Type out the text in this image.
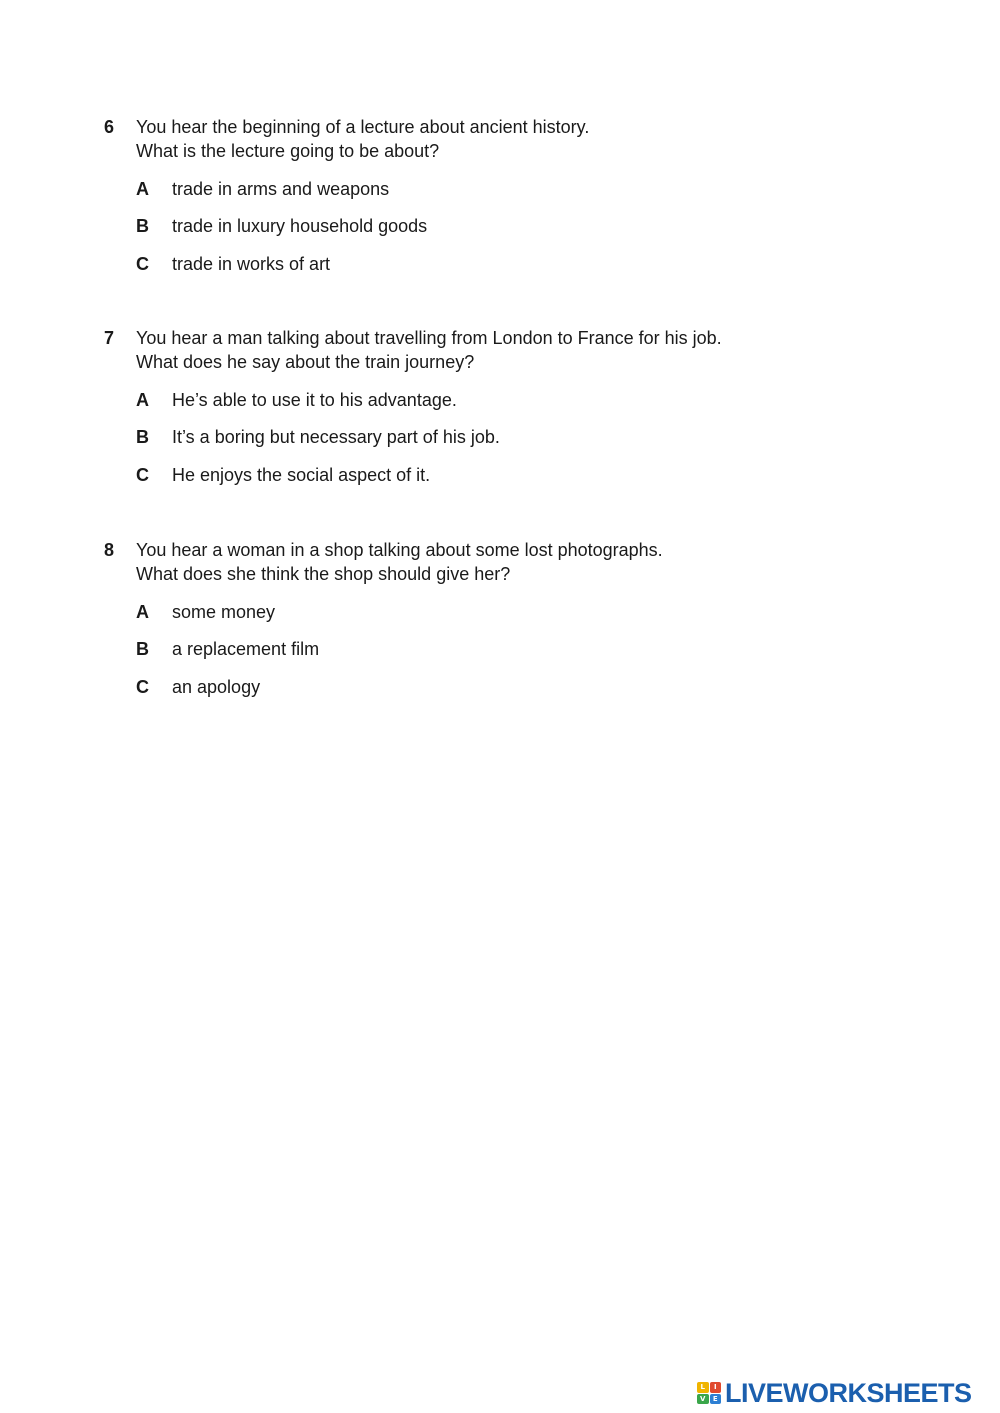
6 You hear the beginning of a lecture about ancient history.
What is the lecture going to be about?
A	trade in arms and weapons
B	trade in luxury household goods
C	trade in works of art
7 You hear a man talking about travelling from London to France for his job.
What does he say about the train journey?
A	He’s able to use it to his advantage.
B	It’s a boring but necessary part of his job.
C	He enjoys the social aspect of it.
8 You hear a woman in a shop talking about some lost photographs.
What does she think the shop should give her?
A	some money
B	a replacement film
C	an apology
L	I
V	E LIVEWORKSHEETS
